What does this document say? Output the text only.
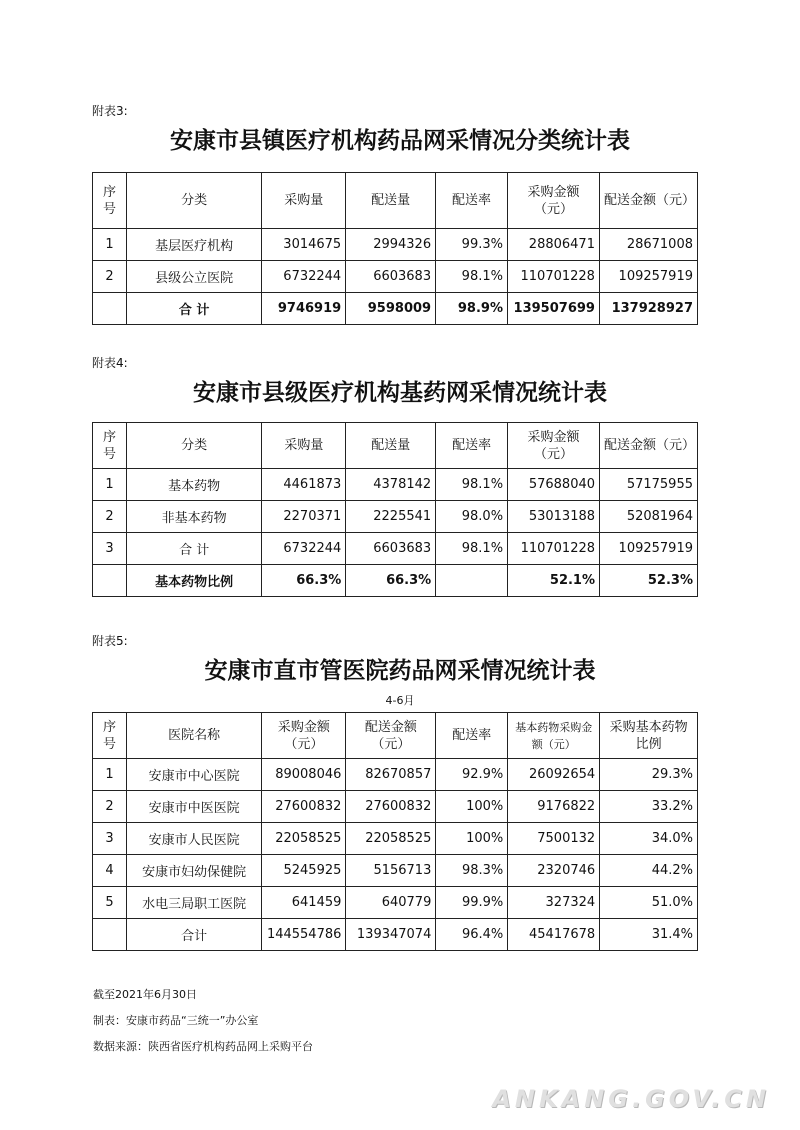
附表3:
安康市县镇医疗机构药品网采情况分类统计表
序号	分类	采购量	配送量	配送率	采购金额（元）	配送金额（元）
1	基层医疗机构	3014675	2994326	99.3%	28806471	28671008
2	县级公立医院	6732244	6603683	98.1%	110701228	109257919
	合 计	9746919	9598009	98.9%	139507699	137928927
附表4:
安康市县级医疗机构基药网采情况统计表
序号	分类	采购量	配送量	配送率	采购金额（元）	配送金额（元）
1	基本药物	4461873	4378142	98.1%	57688040	57175955
2	非基本药物	2270371	2225541	98.0%	53013188	52081964
3	合 计	6732244	6603683	98.1%	110701228	109257919
	基本药物比例	66.3%	66.3%		52.1%	52.3%
附表5:
安康市直市管医院药品网采情况统计表
4-6月
序号	医院名称	采购金额（元）	配送金额（元）	配送率	基本药物采购金额（元）	采购基本药物比例
1	安康市中心医院	89008046	82670857	92.9%	26092654	29.3%
2	安康市中医医院	27600832	27600832	100%	9176822	33.2%
3	安康市人民医院	22058525	22058525	100%	7500132	34.0%
4	安康市妇幼保健院	5245925	5156713	98.3%	2320746	44.2%
5	水电三局职工医院	641459	640779	99.9%	327324	51.0%
	合计	144554786	139347074	96.4%	45417678	31.4%
截至2021年6月30日
制表：安康市药品“三统一”办公室
数据来源：陕西省医疗机构药品网上采购平台
ANKANG.GOV.CN
